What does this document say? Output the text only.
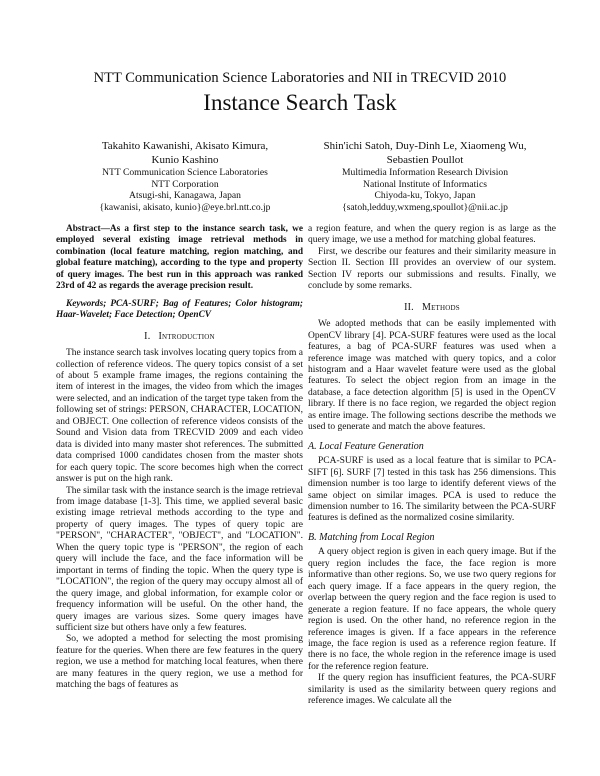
NTT Communication Science Laboratories and NII in TRECVID 2010
Instance Search Task
Takahito Kawanishi, Akisato Kimura,
Kunio Kashino
NTT Communication Science Laboratories
NTT Corporation
Atsugi-shi, Kanagawa, Japan
{kawanisi, akisato, kunio}@eye.brl.ntt.co.jp
Shin'ichi Satoh, Duy-Dinh Le, Xiaomeng Wu,
Sebastien Poullot
Multimedia Information Research Division
National Institute of Informatics
Chiyoda-ku, Tokyo, Japan
{satoh,ledduy,wxmeng,spoullot}@nii.ac.jp

Abstract—As a first step to the instance search task, we employed several existing image retrieval methods in combination (local feature matching, region matching, and global feature matching), according to the type and property of query images. The best run in this approach was ranked 23rd of 42 as regards the average precision result.

Keywords; PCA-SURF; Bag of Features; Color histogram; Haar-Wavelet; Face Detection; OpenCV

I. Introduction

The instance search task involves locating query topics from a collection of reference videos. The query topics consist of a set of about 5 example frame images, the regions containing the item of interest in the images, the video from which the images were selected, and an indication of the target type taken from the following set of strings: PERSON, CHARACTER, LOCATION, and OBJECT. One collection of reference videos consists of the Sound and Vision data from TRECVID 2009 and each video data is divided into many master shot references. The submitted data comprised 1000 candidates chosen from the master shots for each query topic. The score becomes high when the correct answer is put on the high rank.

The similar task with the instance search is the image retrieval from image database [1-3]. This time, we applied several basic existing image retrieval methods according to the type and property of query images. The types of query topic are "PERSON", "CHARACTER", "OBJECT", and "LOCATION". When the query topic type is "PERSON", the region of each query will include the face, and the face information will be important in terms of finding the topic. When the query type is "LOCATION", the region of the query may occupy almost all of the query image, and global information, for example color or frequency information will be useful. On the other hand, the query images are various sizes. Some query images have sufficient size but others have only a few features.

So, we adopted a method for selecting the most promising feature for the queries. When there are few features in the query region, we use a method for matching local features, when there are many features in the query region, we use a method for matching the bags of features as

a region feature, and when the query region is as large as the query image, we use a method for matching global features.

First, we describe our features and their similarity measure in Section II. Section III provides an overview of our system. Section IV reports our submissions and results. Finally, we conclude by some remarks.

II. Methods

We adopted methods that can be easily implemented with OpenCV library [4]. PCA-SURF features were used as the local features, a bag of PCA-SURF features was used when a reference image was matched with query topics, and a color histogram and a Haar wavelet feature were used as the global features. To select the object region from an image in the database, a face detection algorithm [5] is used in the OpenCV library. If there is no face region, we regarded the object region as entire image. The following sections describe the methods we used to generate and match the above features.

A. Local Feature Generation

PCA-SURF is used as a local feature that is similar to PCA-SIFT [6]. SURF [7] tested in this task has 256 dimensions. This dimension number is too large to identify deferent views of the same object on similar images. PCA is used to reduce the dimension number to 16. The similarity between the PCA-SURF features is defined as the normalized cosine similarity.

B. Matching from Local Region

A query object region is given in each query image. But if the query region includes the face, the face region is more informative than other regions. So, we use two query regions for each query image. If a face appears in the query region, the overlap between the query region and the face region is used to generate a region feature. If no face appears, the whole query region is used. On the other hand, no reference region in the reference images is given. If a face appears in the reference image, the face region is used as a reference region feature. If there is no face, the whole region in the reference image is used for the reference region feature.

If the query region has insufficient features, the PCA-SURF similarity is used as the similarity between query regions and reference images. We calculate all the
